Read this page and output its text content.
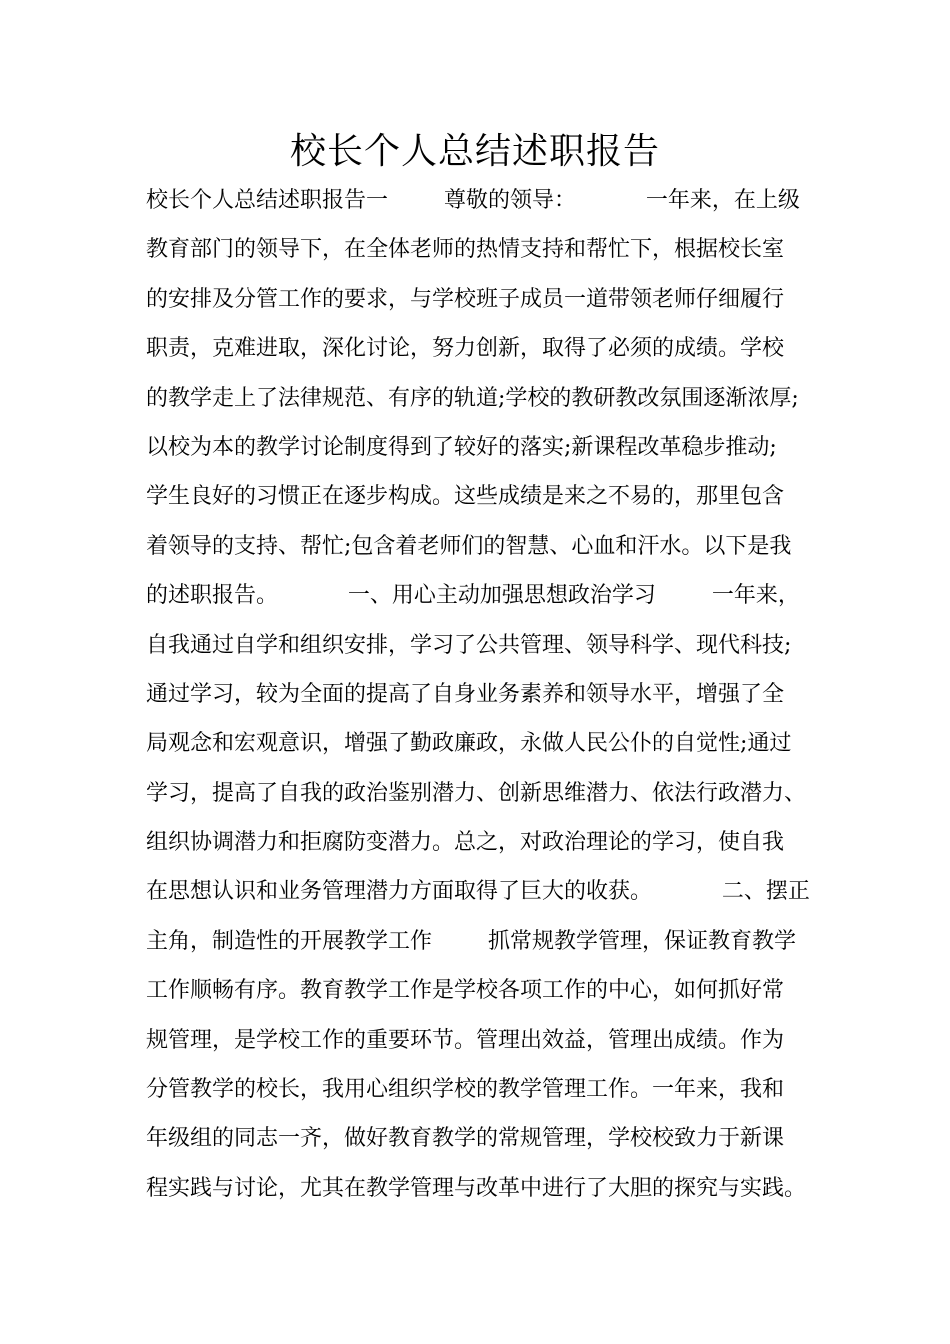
校长个人总结述职报告

校长个人总结述职报告一        尊敬的领导：          一年来，在上级

教育部门的领导下，在全体老师的热情支持和帮忙下，根据校长室

的安排及分管工作的要求，与学校班子成员一道带领老师仔细履行

职责，克难进取，深化讨论，努力创新，取得了必须的成绩。学校

的教学走上了法律规范、有序的轨道;学校的教研教改氛围逐渐浓厚;

以校为本的教学讨论制度得到了较好的落实;新课程改革稳步推动;

学生良好的习惯正在逐步构成。这些成绩是来之不易的，那里包含

着领导的支持、帮忙;包含着老师们的智慧、心血和汗水。以下是我

的述职报告。          一、用心主动加强思想政治学习        一年来，

自我通过自学和组织安排，学习了公共管理、领导科学、现代科技;

通过学习，较为全面的提高了自身业务素养和领导水平，增强了全

局观念和宏观意识，增强了勤政廉政，永做人民公仆的自觉性;通过

学习，提高了自我的政治鉴别潜力、创新思维潜力、依法行政潜力、

组织协调潜力和拒腐防变潜力。总之，对政治理论的学习，使自我

在思想认识和业务管理潜力方面取得了巨大的收获。          二、摆正

主角，制造性的开展教学工作        抓常规教学管理，保证教育教学

工作顺畅有序。教育教学工作是学校各项工作的中心，如何抓好常

规管理，是学校工作的重要环节。管理出效益，管理出成绩。作为

分管教学的校长，我用心组织学校的教学管理工作。一年来，我和

年级组的同志一齐，做好教育教学的常规管理，学校校致力于新课

程实践与讨论，尤其在教学管理与改革中进行了大胆的探究与实践。
